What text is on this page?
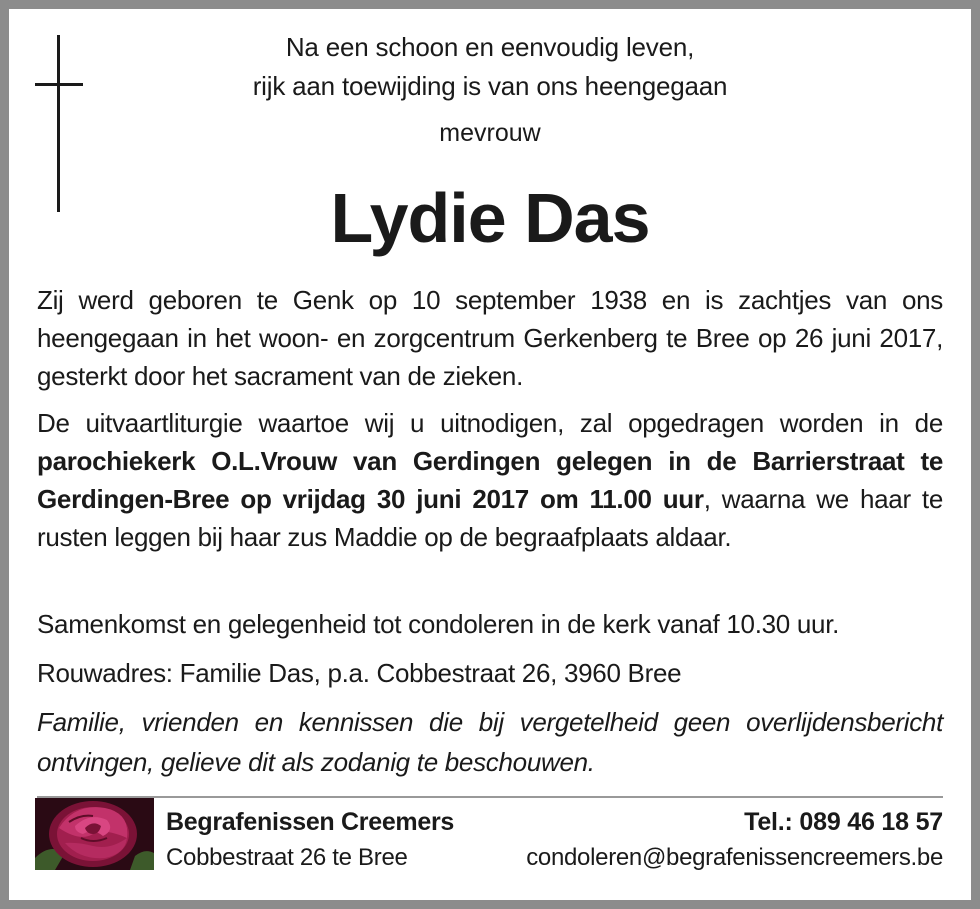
Na een schoon en eenvoudig leven,
rijk aan toewijding is van ons heengegaan
mevrouw
Lydie Das
Zij werd geboren te Genk op 10 september 1938 en is zachtjes van ons heengegaan in het woon- en zorgcentrum Gerkenberg te Bree op 26 juni 2017, gesterkt door het sacrament van de zieken.
De uitvaartliturgie waartoe wij u uitnodigen, zal opgedragen worden in de parochiekerk O.L.Vrouw van Gerdingen gelegen in de Barrierstraat te Gerdingen-Bree op vrijdag 30 juni 2017 om 11.00 uur, waarna we haar te rusten leggen bij haar zus Maddie op de begraafplaats aldaar.
Samenkomst en gelegenheid tot condoleren in de kerk vanaf 10.30 uur.
Rouwadres: Familie Das, p.a. Cobbestraat 26, 3960 Bree
Familie, vrienden en kennissen die bij vergetelheid geen overlijdensbericht ontvingen, gelieve dit als zodanig te beschouwen.
Begrafenissen Creemers
Cobbestraat 26 te Bree
Tel.: 089 46 18 57
condoleren@begrafenissencreemers.be
